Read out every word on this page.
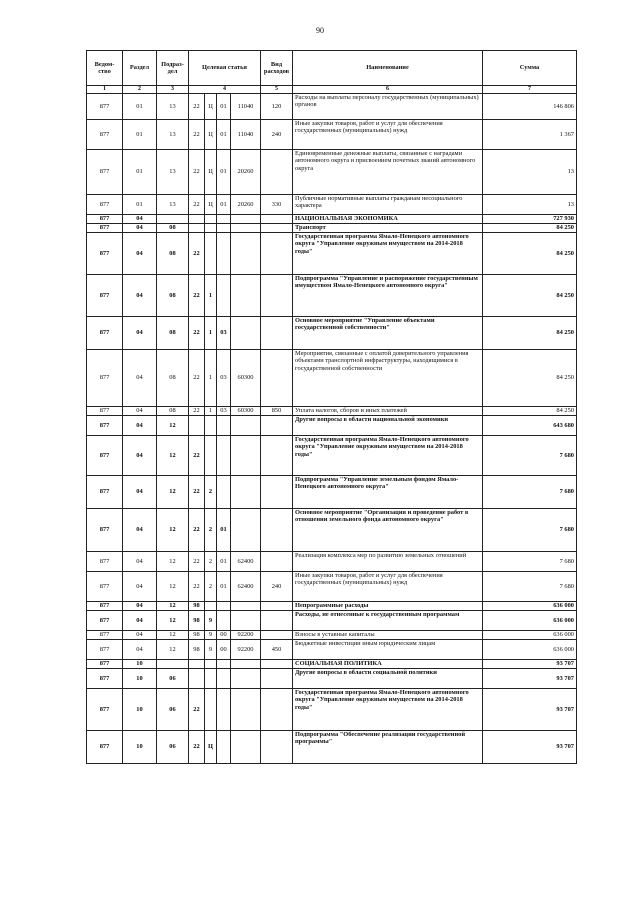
90
Ведом-ство	Раздел	Подраз-дел	Целевая статья				Вид расходов	Наименование	Сумма
1	2	3	4				5	6	7
877	01	13	22	Ц	01	11040	120	Расходы на выплаты персоналу государственных (муниципальных) органов	146 806
877	01	13	22	Ц	01	11040	240	Иные закупки товаров, работ и услуг для обеспечения государственных (муниципальных) нужд	1 367
877	01	13	22	Ц	01	20260		Единовременные денежные выплаты, связанные с наградами автономного округа и присвоением почетных званий автономного округа	13
877	01	13	22	Ц	01	20260	330	Публичные нормативные выплаты гражданам несоциального характера	13
877	04							НАЦИОНАЛЬНАЯ ЭКОНОМИКА	727 930
877	04	08						Транспорт	84 250
877	04	08	22					Государственная программа Ямало-Ненецкого автономного округа "Управление окружным имуществом на 2014-2018 годы"	84 250
877	04	08	22	1				Подпрограмма "Управление и распоряжение государственным имуществом Ямало-Ненецкого автономного округа"	84 250
877	04	08	22	1	03			Основное мероприятие "Управление объектами государственной собственности"	84 250
877	04	08	22	1	03	60300		Мероприятия, связанные с оплатой доверительного управления объектами транспортной инфраструктуры, находящимися в государственной собственности	84 250
877	04	08	22	1	03	60300	850	Уплата налогов, сборов и иных платежей	84 250
877	04	12						Другие вопросы в области национальной экономики	643 680
877	04	12	22					Государственная программа Ямало-Ненецкого автономного округа "Управление окружным имуществом на 2014-2018 годы"	7 680
877	04	12	22	2				Подпрограмма "Управление земельным фондом Ямало-Ненецкого автономного округа"	7 680
877	04	12	22	2	01			Основное мероприятие "Организация и проведение работ в отношении земельного фонда автономного округа"	7 680
877	04	12	22	2	01	62400		Реализация комплекса мер по развитию земельных отношений	7 680
877	04	12	22	2	01	62400	240	Иные закупки товаров, работ и услуг для обеспечения государственных (муниципальных) нужд	7 680
877	04	12	98					Непрограммные расходы	636 000
877	04	12	98	9				Расходы, не отнесенные к государственным программам	636 000
877	04	12	98	9	00	92200		Взносы в уставные капиталы	636 000
877	04	12	98	9	00	92200	450	Бюджетные инвестиции иным юридическим лицам	636 000
877	10							СОЦИАЛЬНАЯ ПОЛИТИКА	93 707
877	10	06						Другие вопросы в области социальной политики	93 707
877	10	06	22					Государственная программа Ямало-Ненецкого автономного округа "Управление окружным имуществом на 2014-2018 годы"	93 707
877	10	06	22	Ц				Подпрограмма "Обеспечение реализации государственной программы"	93 707
